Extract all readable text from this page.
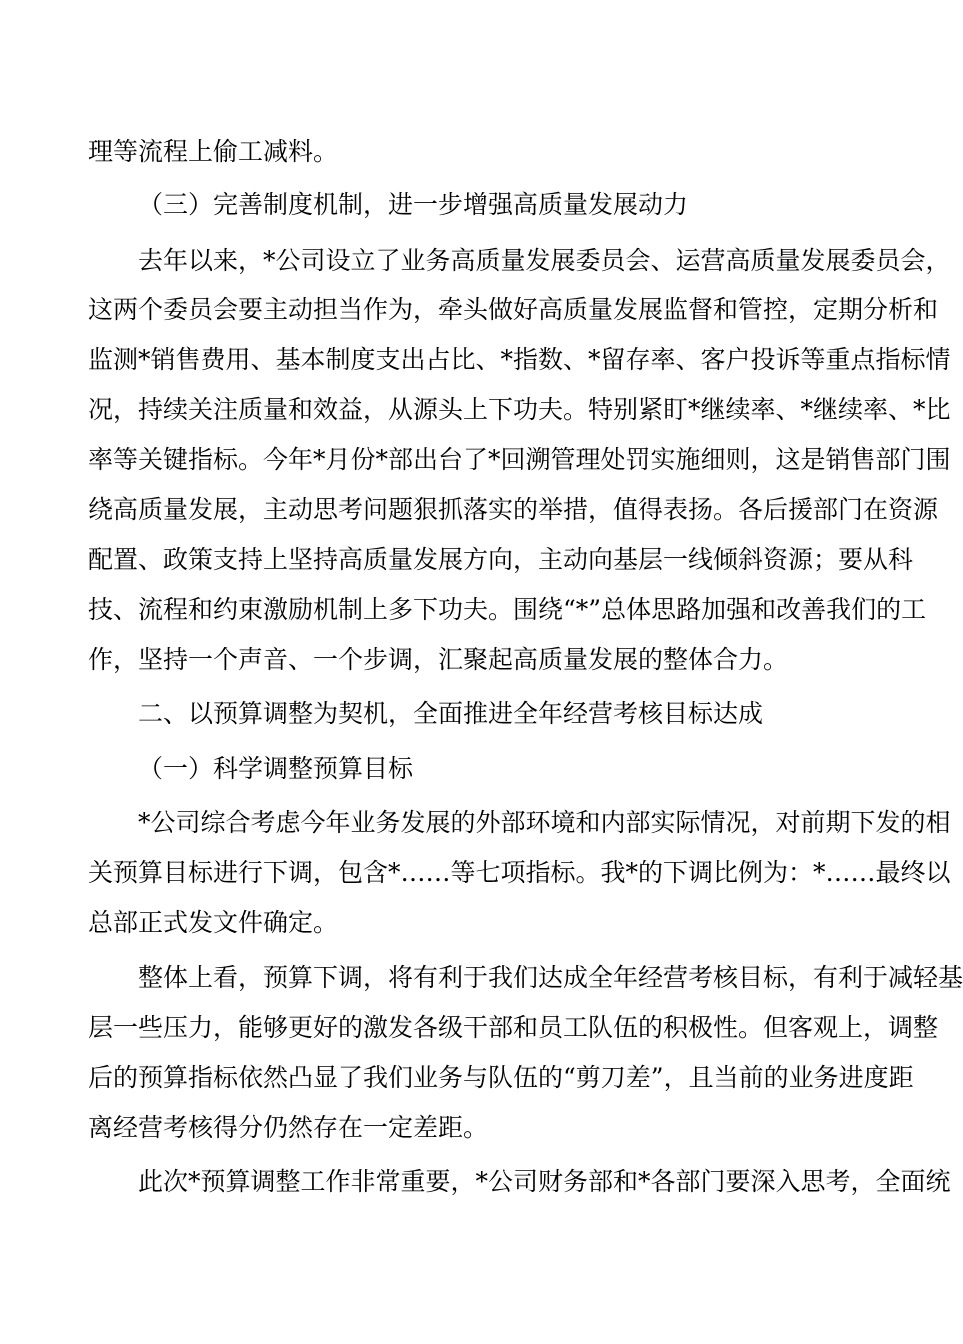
理等流程上偷工减料。
（三）完善制度机制，进一步增强高质量发展动力
去年以来，*公司设立了业务高质量发展委员会、运营高质量发展委员会，
这两个委员会要主动担当作为，牵头做好高质量发展监督和管控，定期分析和
监测*销售费用、基本制度支出占比、*指数、*留存率、客户投诉等重点指标情
况，持续关注质量和效益，从源头上下功夫。特别紧盯*继续率、*继续率、*比
率等关键指标。今年*月份*部出台了*回溯管理处罚实施细则，这是销售部门围
绕高质量发展，主动思考问题狠抓落实的举措，值得表扬。各后援部门在资源
配置、政策支持上坚持高质量发展方向，主动向基层一线倾斜资源；要从科
技、流程和约束激励机制上多下功夫。围绕“*”总体思路加强和改善我们的工
作，坚持一个声音、一个步调，汇聚起高质量发展的整体合力。
二、以预算调整为契机，全面推进全年经营考核目标达成
（一）科学调整预算目标
*公司综合考虑今年业务发展的外部环境和内部实际情况，对前期下发的相
关预算目标进行下调，包含*……等七项指标。我*的下调比例为：*……最终以
总部正式发文件确定。
整体上看，预算下调，将有利于我们达成全年经营考核目标，有利于减轻基
层一些压力，能够更好的激发各级干部和员工队伍的积极性。但客观上，调整
后的预算指标依然凸显了我们业务与队伍的“剪刀差”，且当前的业务进度距
离经营考核得分仍然存在一定差距。
此次*预算调整工作非常重要，*公司财务部和*各部门要深入思考，全面统
